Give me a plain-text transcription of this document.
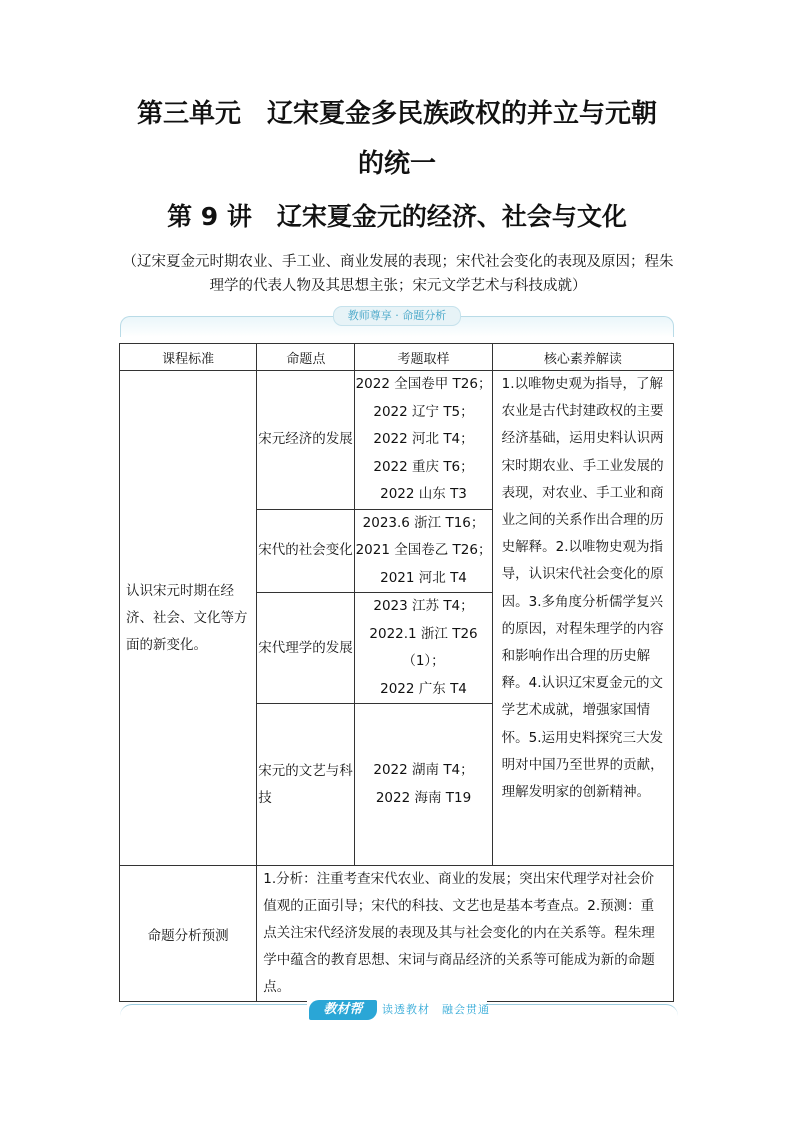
第三单元　辽宋夏金多民族政权的并立与元朝
的统一
第 9 讲　辽宋夏金元的经济、社会与文化
（辽宋夏金元时期农业、手工业、商业发展的表现；宋代社会变化的表现及原因；程朱理学的代表人物及其思想主张；宋元文学艺术与科技成就）
教师尊享 · 命题分析
课程标准	命题点	考题取样	核心素养解读
认识宋元时期在经济、社会、文化等方面的新变化。	宋元经济的发展	2022 全国卷甲 T26；
2022 辽宁 T5；
2022 河北 T4；
2022 重庆 T6；
2022 山东 T3	1.以唯物史观为指导，了解农业是古代封建政权的主要经济基础，运用史料认识两宋时期农业、手工业发展的表现，对农业、手工业和商业之间的关系作出合理的历史解释。2.以唯物史观为指导，认识宋代社会变化的原因。3.多角度分析儒学复兴的原因，对程朱理学的内容和影响作出合理的历史解释。4.认识辽宋夏金元的文学艺术成就，增强家国情怀。5.运用史料探究三大发明对中国乃至世界的贡献，理解发明家的创新精神。
	宋代的社会变化	2023.6 浙江 T16；
2021 全国卷乙 T26；
2021 河北 T4	

	宋代理学的发展	2023 江苏 T4；
2022.1 浙江 T26
（1）；
2022 广东 T4	

	宋元的文艺与科技	2022 湖南 T4；
2022 海南 T19	

命题分析预测	1.分析：注重考查宋代农业、商业的发展；突出宋代理学对社会价值观的正面引导；宋代的科技、文艺也是基本考查点。2.预测：重点关注宋代经济发展的表现及其与社会变化的内在关系等。程朱理学中蕴含的教育思想、宋词与商品经济的关系等可能成为新的命题点。		
教材帮	读透教材　融会贯通
